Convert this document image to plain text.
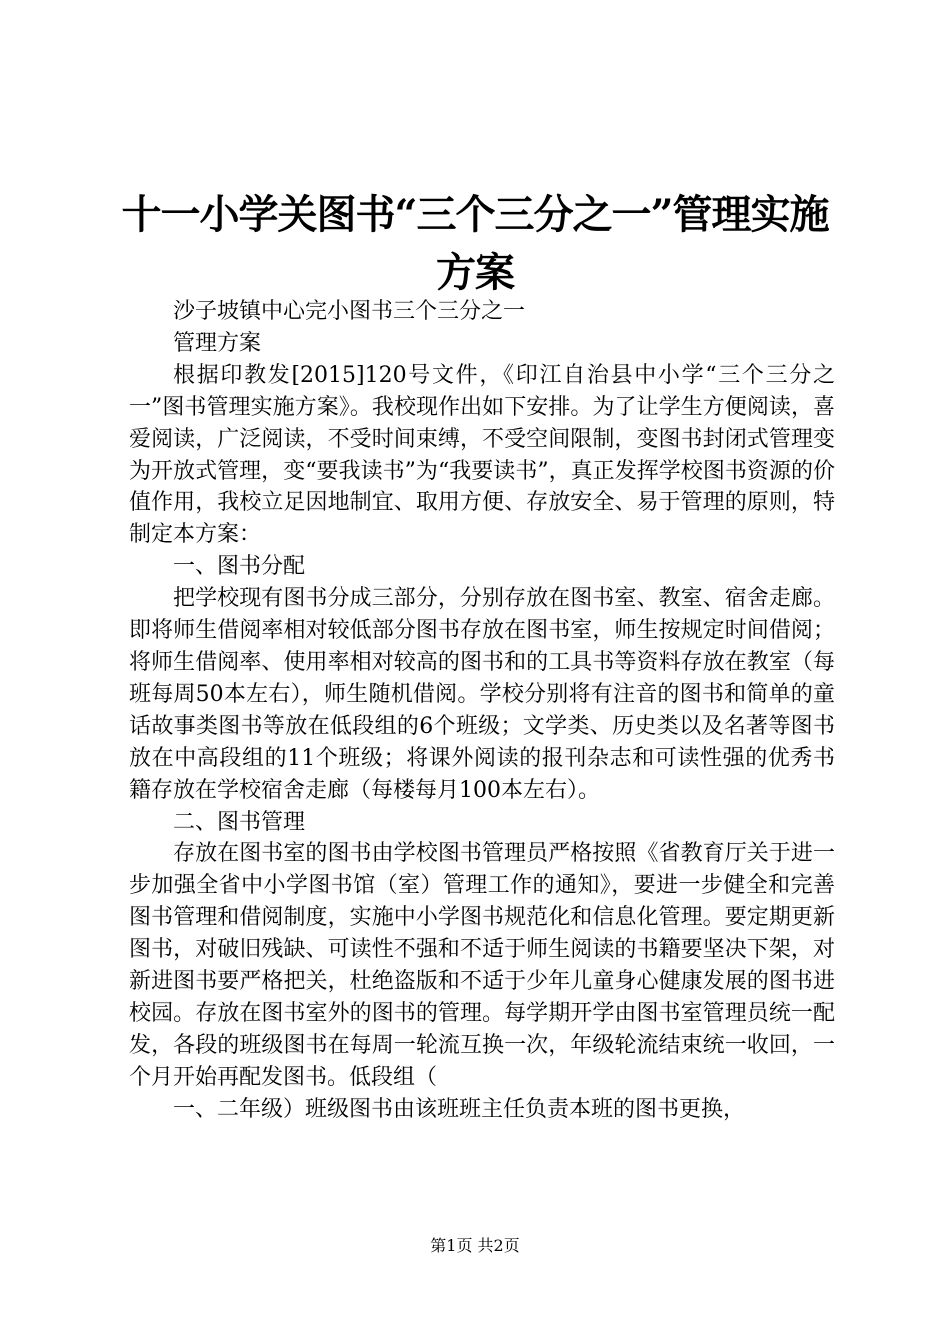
十一小学关图书“三个三分之一”管理实施方案

沙子坡镇中心完小图书三个三分之一

管理方案

根据印教发[2015]120号文件，《印江自治县中小学“三个三分之一”图书管理实施方案》。我校现作出如下安排。为了让学生方便阅读，喜爱阅读，广泛阅读，不受时间束缚，不受空间限制，变图书封闭式管理变为开放式管理，变“要我读书”为“我要读书”，真正发挥学校图书资源的价值作用，我校立足因地制宜、取用方便、存放安全、易于管理的原则，特制定本方案：

一、图书分配

把学校现有图书分成三部分，分别存放在图书室、教室、宿舍走廊。即将师生借阅率相对较低部分图书存放在图书室，师生按规定时间借阅；将师生借阅率、使用率相对较高的图书和的工具书等资料存放在教室（每班每周50本左右），师生随机借阅。学校分别将有注音的图书和简单的童话故事类图书等放在低段组的6个班级；文学类、历史类以及名著等图书放在中高段组的11个班级；将课外阅读的报刊杂志和可读性强的优秀书籍存放在学校宿舍走廊（每楼每月100本左右）。

二、图书管理

存放在图书室的图书由学校图书管理员严格按照《省教育厅关于进一步加强全省中小学图书馆（室）管理工作的通知》，要进一步健全和完善图书管理和借阅制度，实施中小学图书规范化和信息化管理。要定期更新图书，对破旧残缺、可读性不强和不适于师生阅读的书籍要坚决下架，对新进图书要严格把关，杜绝盗版和不适于少年儿童身心健康发展的图书进校园。存放在图书室外的图书的管理。每学期开学由图书室管理员统一配发，各段的班级图书在每周一轮流互换一次，年级轮流结束统一收回，一个月开始再配发图书。低段组（

一、二年级）班级图书由该班班主任负责本班的图书更换，

第1页 共2页
